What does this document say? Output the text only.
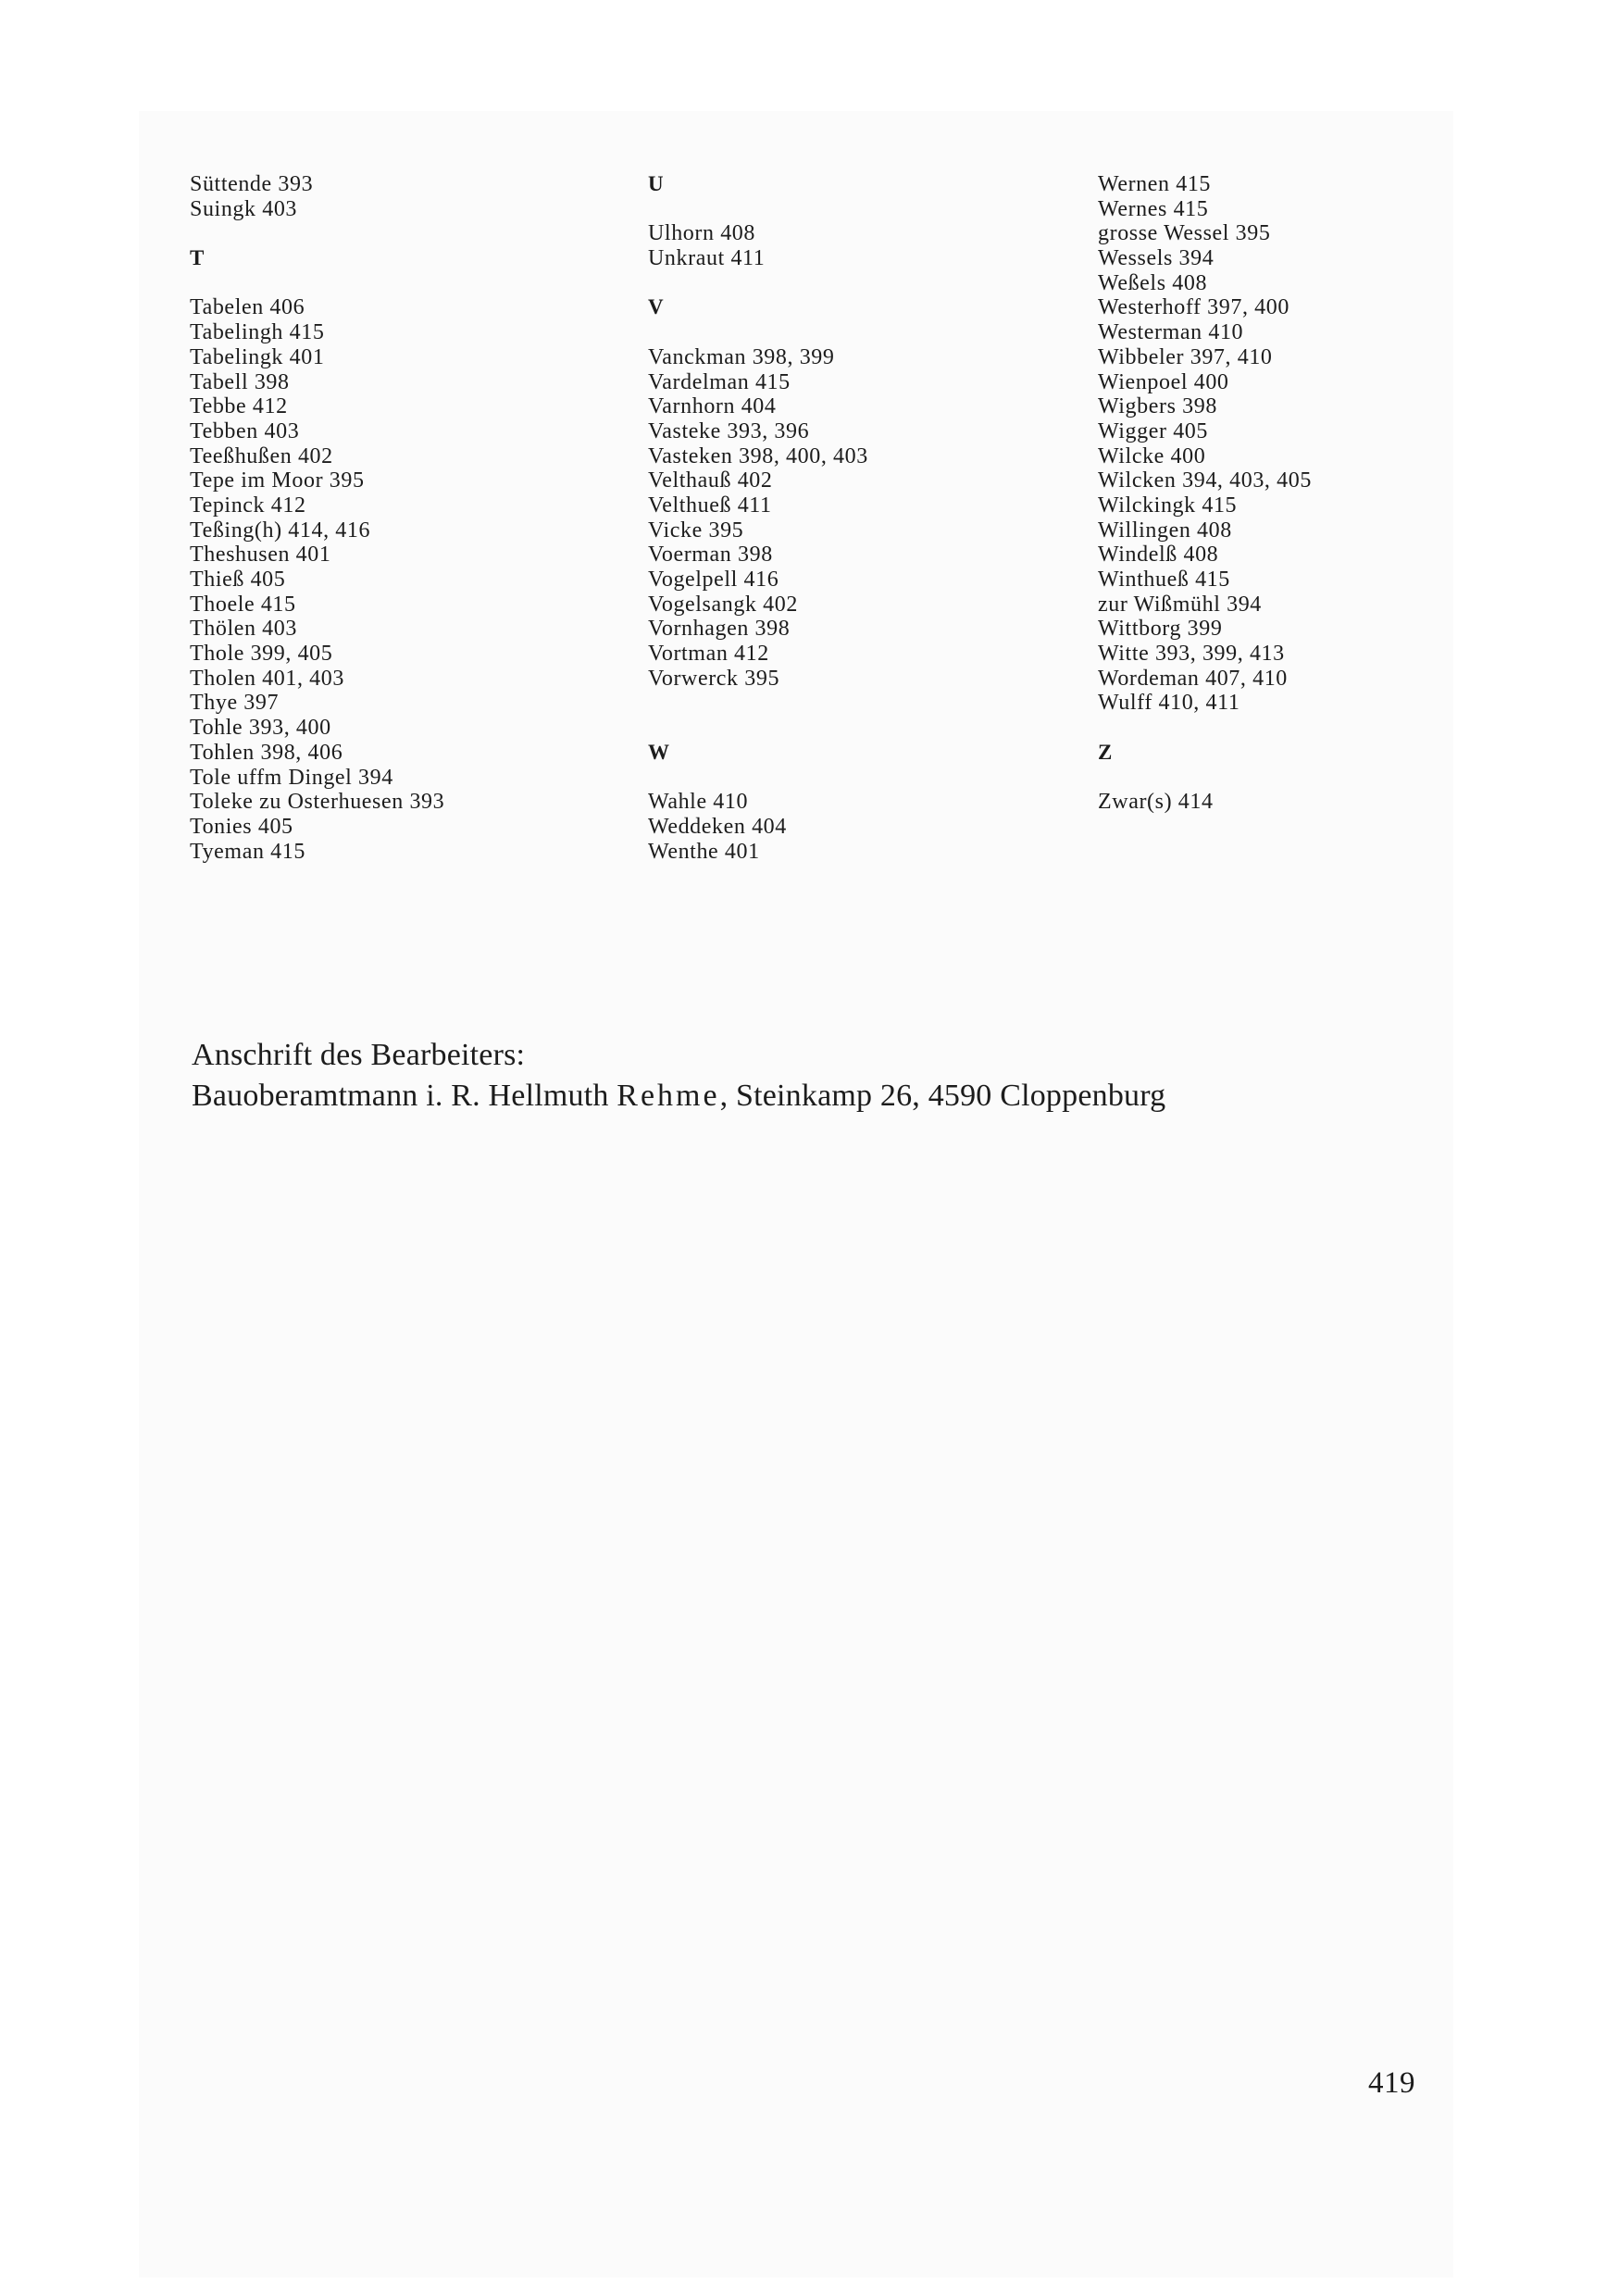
Süttende 393
Suingk 403
T
Tabelen 406
Tabelingh 415
Tabelingk 401
Tabell 398
Tebbe 412
Tebben 403
Teeßhußen 402
Tepe im Moor 395
Tepinck 412
Teßing(h) 414, 416
Theshusen 401
Thieß 405
Thoele 415
Thölen 403
Thole 399, 405
Tholen 401, 403
Thye 397
Tohle 393, 400
Tohlen 398, 406
Tole uffm Dingel 394
Toleke zu Osterhuesen 393
Tonies 405
Tyeman 415
U
Ulhorn 408
Unkraut 411
V
Vanckman 398, 399
Vardelman 415
Varnhorn 404
Vasteke 393, 396
Vasteken 398, 400, 403
Velthauß 402
Velthueß 411
Vicke 395
Voerman 398
Vogelpell 416
Vogelsangk 402
Vornhagen 398
Vortman 412
Vorwerck 395
W
Wahle 410
Weddeken 404
Wenthe 401
Wernen 415
Wernes 415
grosse Wessel 395
Wessels 394
Weßels 408
Westerhoff 397, 400
Westerman 410
Wibbeler 397, 410
Wienpoel 400
Wigbers 398
Wigger 405
Wilcke 400
Wilcken 394, 403, 405
Wilckingk 415
Willingen 408
Windelß 408
Winthueß 415
zur Wißmühl 394
Wittborg 399
Witte 393, 399, 413
Wordeman 407, 410
Wulff 410, 411
Z
Zwar(s) 414
Anschrift des Bearbeiters:
Bauoberamtmann i. R. Hellmuth Rehme, Steinkamp 26, 4590 Cloppenburg
419
